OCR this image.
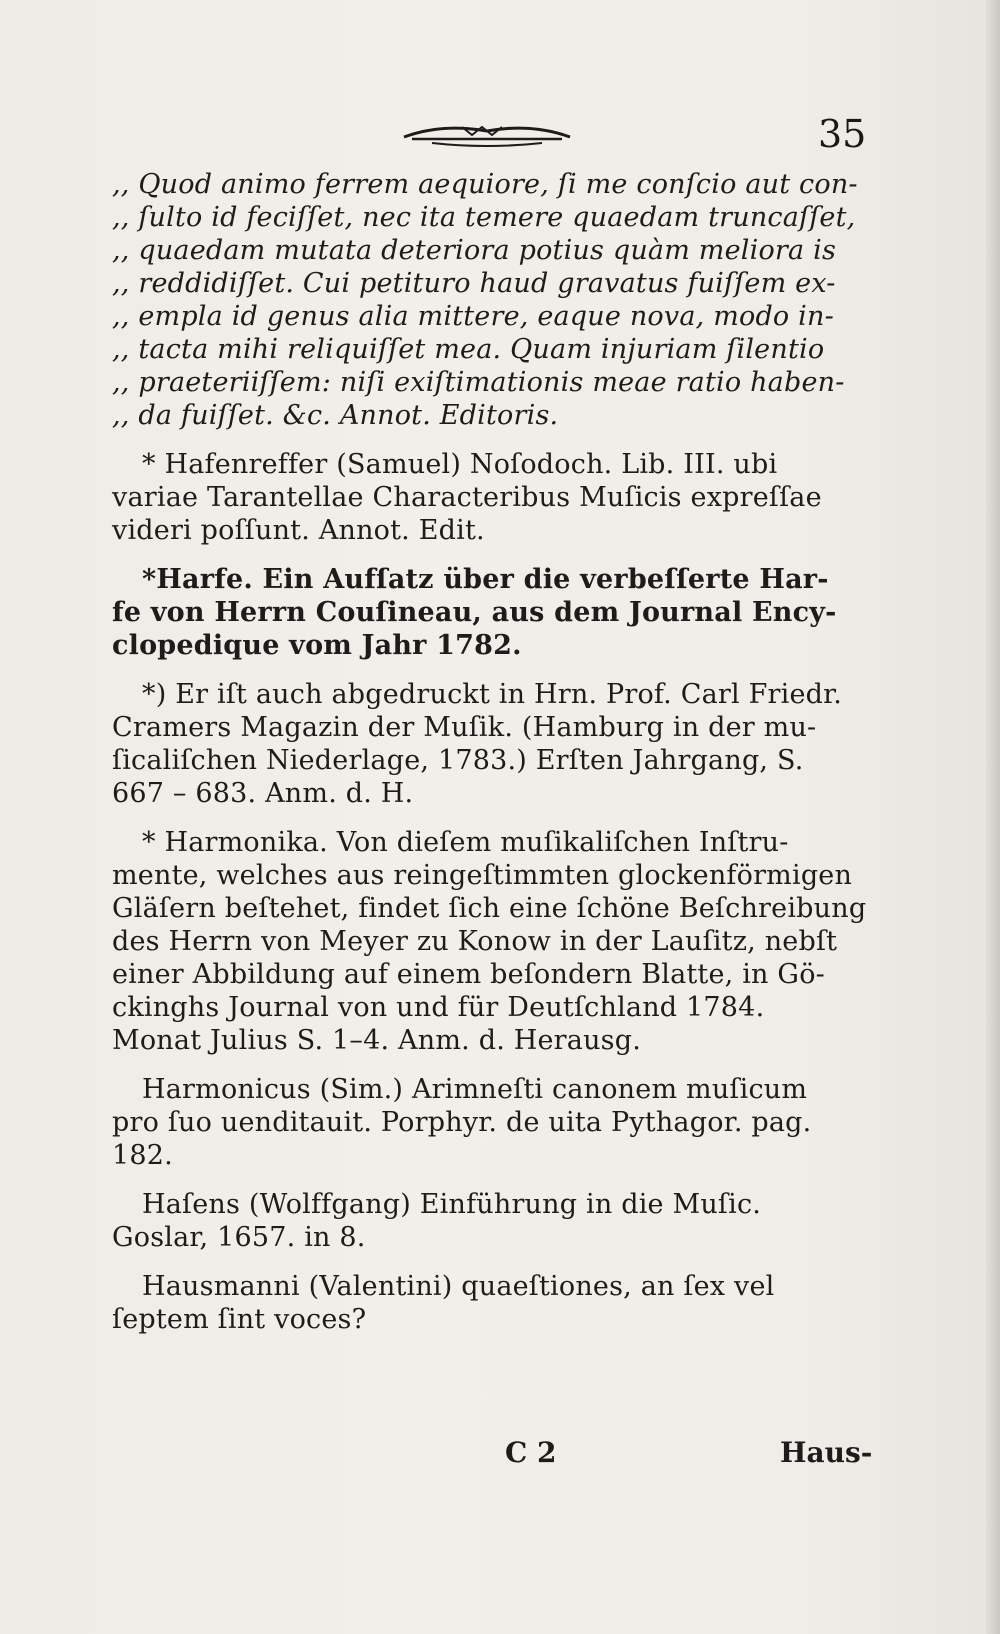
35
,, Quod animo ferrem aequiore, ſi me conſcio aut con-
,, ſulto id feciſſet, nec ita temere quaedam truncaſſet,
,, quaedam mutata deteriora potius quàm meliora is
,, reddidiſſet. Cui petituro haud gravatus fuiſſem ex-
,, empla id genus alia mittere, eaque nova, modo in-
,, tacta mihi reliquiſſet mea. Quam injuriam ſilentio
,, praeteriiſſem: niſi exiſtimationis meae ratio haben-
,, da fuiſſet. &c. Annot. Editoris.
* Hafenreffer (Samuel) Noſodoch. Lib. III. ubi
variae Tarantellae Characteribus Muſicis expreſſae
videri poſſunt. Annot. Edit.
*Harfe. Ein Aufſatz über die verbeſſerte Har-
fe von Herrn Couſineau, aus dem Journal Ency-
clopedique vom Jahr 1782.
*) Er iſt auch abgedruckt in Hrn. Prof. Carl Friedr.
Cramers Magazin der Muſik. (Hamburg in der mu-
ſicaliſchen Niederlage, 1783.) Erſten Jahrgang, S.
667 – 683. Anm. d. H.
* Harmonika. Von dieſem muſikaliſchen Inſtru-
mente, welches aus reingeſtimmten glockenförmigen
Gläſern beſtehet, findet ſich eine ſchöne Beſchreibung
des Herrn von Meyer zu Konow in der Lauſitz, nebſt
einer Abbildung auf einem beſondern Blatte, in Gö-
ckinghs Journal von und für Deutſchland 1784.
Monat Julius S. 1–4. Anm. d. Herausg.
Harmonicus (Sim.) Arimneſti canonem muſicum
pro ſuo uenditauit. Porphyr. de uita Pythagor. pag.
182.
Haſens (Wolffgang) Einführung in die Muſic.
Goslar, 1657. in 8.
Hausmanni (Valentini) quaeſtiones, an ſex vel
ſeptem ſint voces?
C 2	Haus-
